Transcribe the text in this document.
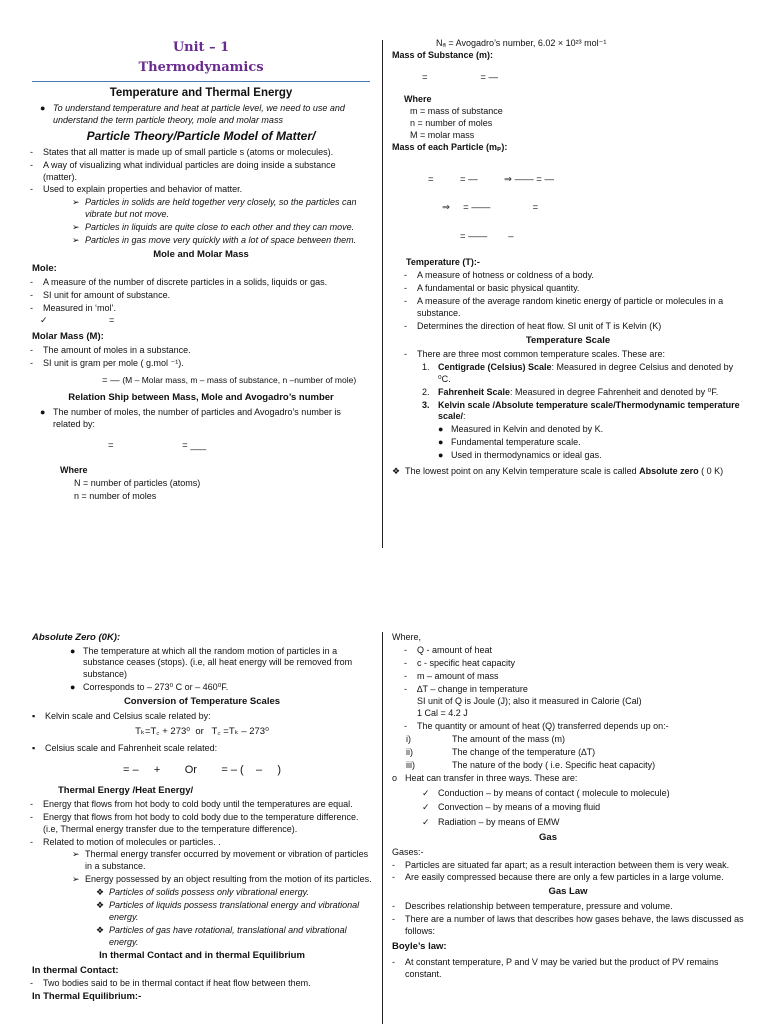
Unit – 1
Thermodynamics
Temperature and Thermal Energy
● To understand temperature and heat at particle level, we need to use and understand the term particle theory, mole and molar mass
Particle Theory/Particle Model of Matter/
-	States that all matter is made up of small particle s (atoms or molecules).
-	A way of visualizing what individual particles are doing inside a substance (matter).
-	Used to explain properties and behavior of matter.
➢ Particles in solids are held together very closely, so the particles can vibrate but not move.
➢ Particles in liquids are quite close to each other and they can move.
➢ Particles in gas move very quickly with a lot of space between them.
Mole and Molar Mass
Mole:
-	A measure of the number of discrete particles in a solids, liquids or gas.
-	SI unit for amount of substance.
-	Measured in ‘mol’.
✓	=
Molar Mass (M):
-	The amount of moles in a substance.
-	SI unit is gram per mole ( g.mol ⁻¹).
= — (M – Molar mass, m – mass of substance, n –number of mole)
Relation Ship between Mass, Mole and Avogadro’s number
● The number of moles, the number of particles and Avogadro’s number is related by:
=                          = ___
Where
N = number of particles (atoms)
n = number of moles
Nₐ = Avogadro’s number, 6.02 × 10²³ mol⁻¹
Mass of Substance (m):
=                    = —
Where
m = mass of substance
n = number of moles
M = molar mass
Mass of each Particle (mₚ):
=          = —          ⇒ —— = —
⇒     = ——                =
= ——        –
Temperature (T):-
-	A measure of hotness or coldness of a body.
-	A fundamental or basic physical quantity.
-	A measure of the average random kinetic energy of particle or molecules in a substance.
-	Determines the direction of heat flow. SI unit of T is Kelvin (K)
Temperature Scale
-	There are three most common temperature scales. These are:
1. Centigrade (Celsius) Scale: Measured in degree Celsius and denoted by ⁰C.
2. Fahrenheit Scale: Measured in degree Fahrenheit and denoted by ⁰F.
3. Kelvin scale /Absolute temperature scale/Thermodynamic temperature scale/:
● Measured in Kelvin and denoted by K.
● Fundamental temperature scale.
● Used in thermodynamics or ideal gas.
❖ The lowest point on any Kelvin temperature scale is called Absolute zero ( 0 K)
Absolute Zero (0K):
● The temperature at which all the random motion of particles in a substance ceases (stops). (i.e, all heat energy will be removed from substance)
● Corresponds to – 273⁰ C or – 460⁰F.
Conversion of Temperature Scales
▪	Kelvin scale and Celsius scale related by:
Tₖ=T꜀ + 273⁰  or   T꜀ =Tₖ – 273⁰
▪	Celsius scale and Fahrenheit scale related:
= –     +        Or        = – (    –     )
Thermal Energy /Heat Energy/
-	Energy that flows from hot body to cold body until the temperatures are equal.
-	Energy that flows from hot body to cold body due to the temperature difference. (i.e, Thermal energy transfer due to the temperature difference).
-	Related to motion of molecules or particles. .
➢ Thermal energy transfer occurred by movement or vibration of particles in a substance.
➢ Energy possessed by an object resulting from the motion of its particles.
❖ Particles of solids possess only vibrational energy.
❖ Particles of liquids possess translational energy and vibrational energy.
❖ Particles of gas have rotational, translational and vibrational energy.
In thermal Contact and in thermal Equilibrium
In thermal Contact:
-	Two bodies said to be in thermal contact if heat flow between them.
In Thermal Equilibrium:-
Where,
-	Q - amount of heat
-	c - specific heat capacity
-	m – amount of mass
-	∆T – change in temperature
SI unit of Q is Joule (J); also it measured in Calorie (Cal)
1 Cal = 4.2 J
-	The quantity or amount of heat (Q) transferred depends up on:-
i)	The amount of the mass (m)
ii)	The change of the temperature (∆T)
iii)	The nature of the body ( i.e. Specific heat capacity)
o Heat can transfer in three ways. These are:
✓ Conduction – by means of contact ( molecule to molecule)
✓ Convection – by means of a moving fluid
✓ Radiation – by means of EMW
Gas
Gases:-
-	Particles are situated far apart; as a result interaction between them is very weak.
-	Are easily compressed because there are only a few particles in a large volume.
Gas Law
-	Describes relationship between temperature, pressure and volume.
-	There are a number of laws that describes how gases behave, the laws discussed as follows:
Boyle’s law:
-	At constant temperature, P and V may be varied but the product of PV remains constant.
